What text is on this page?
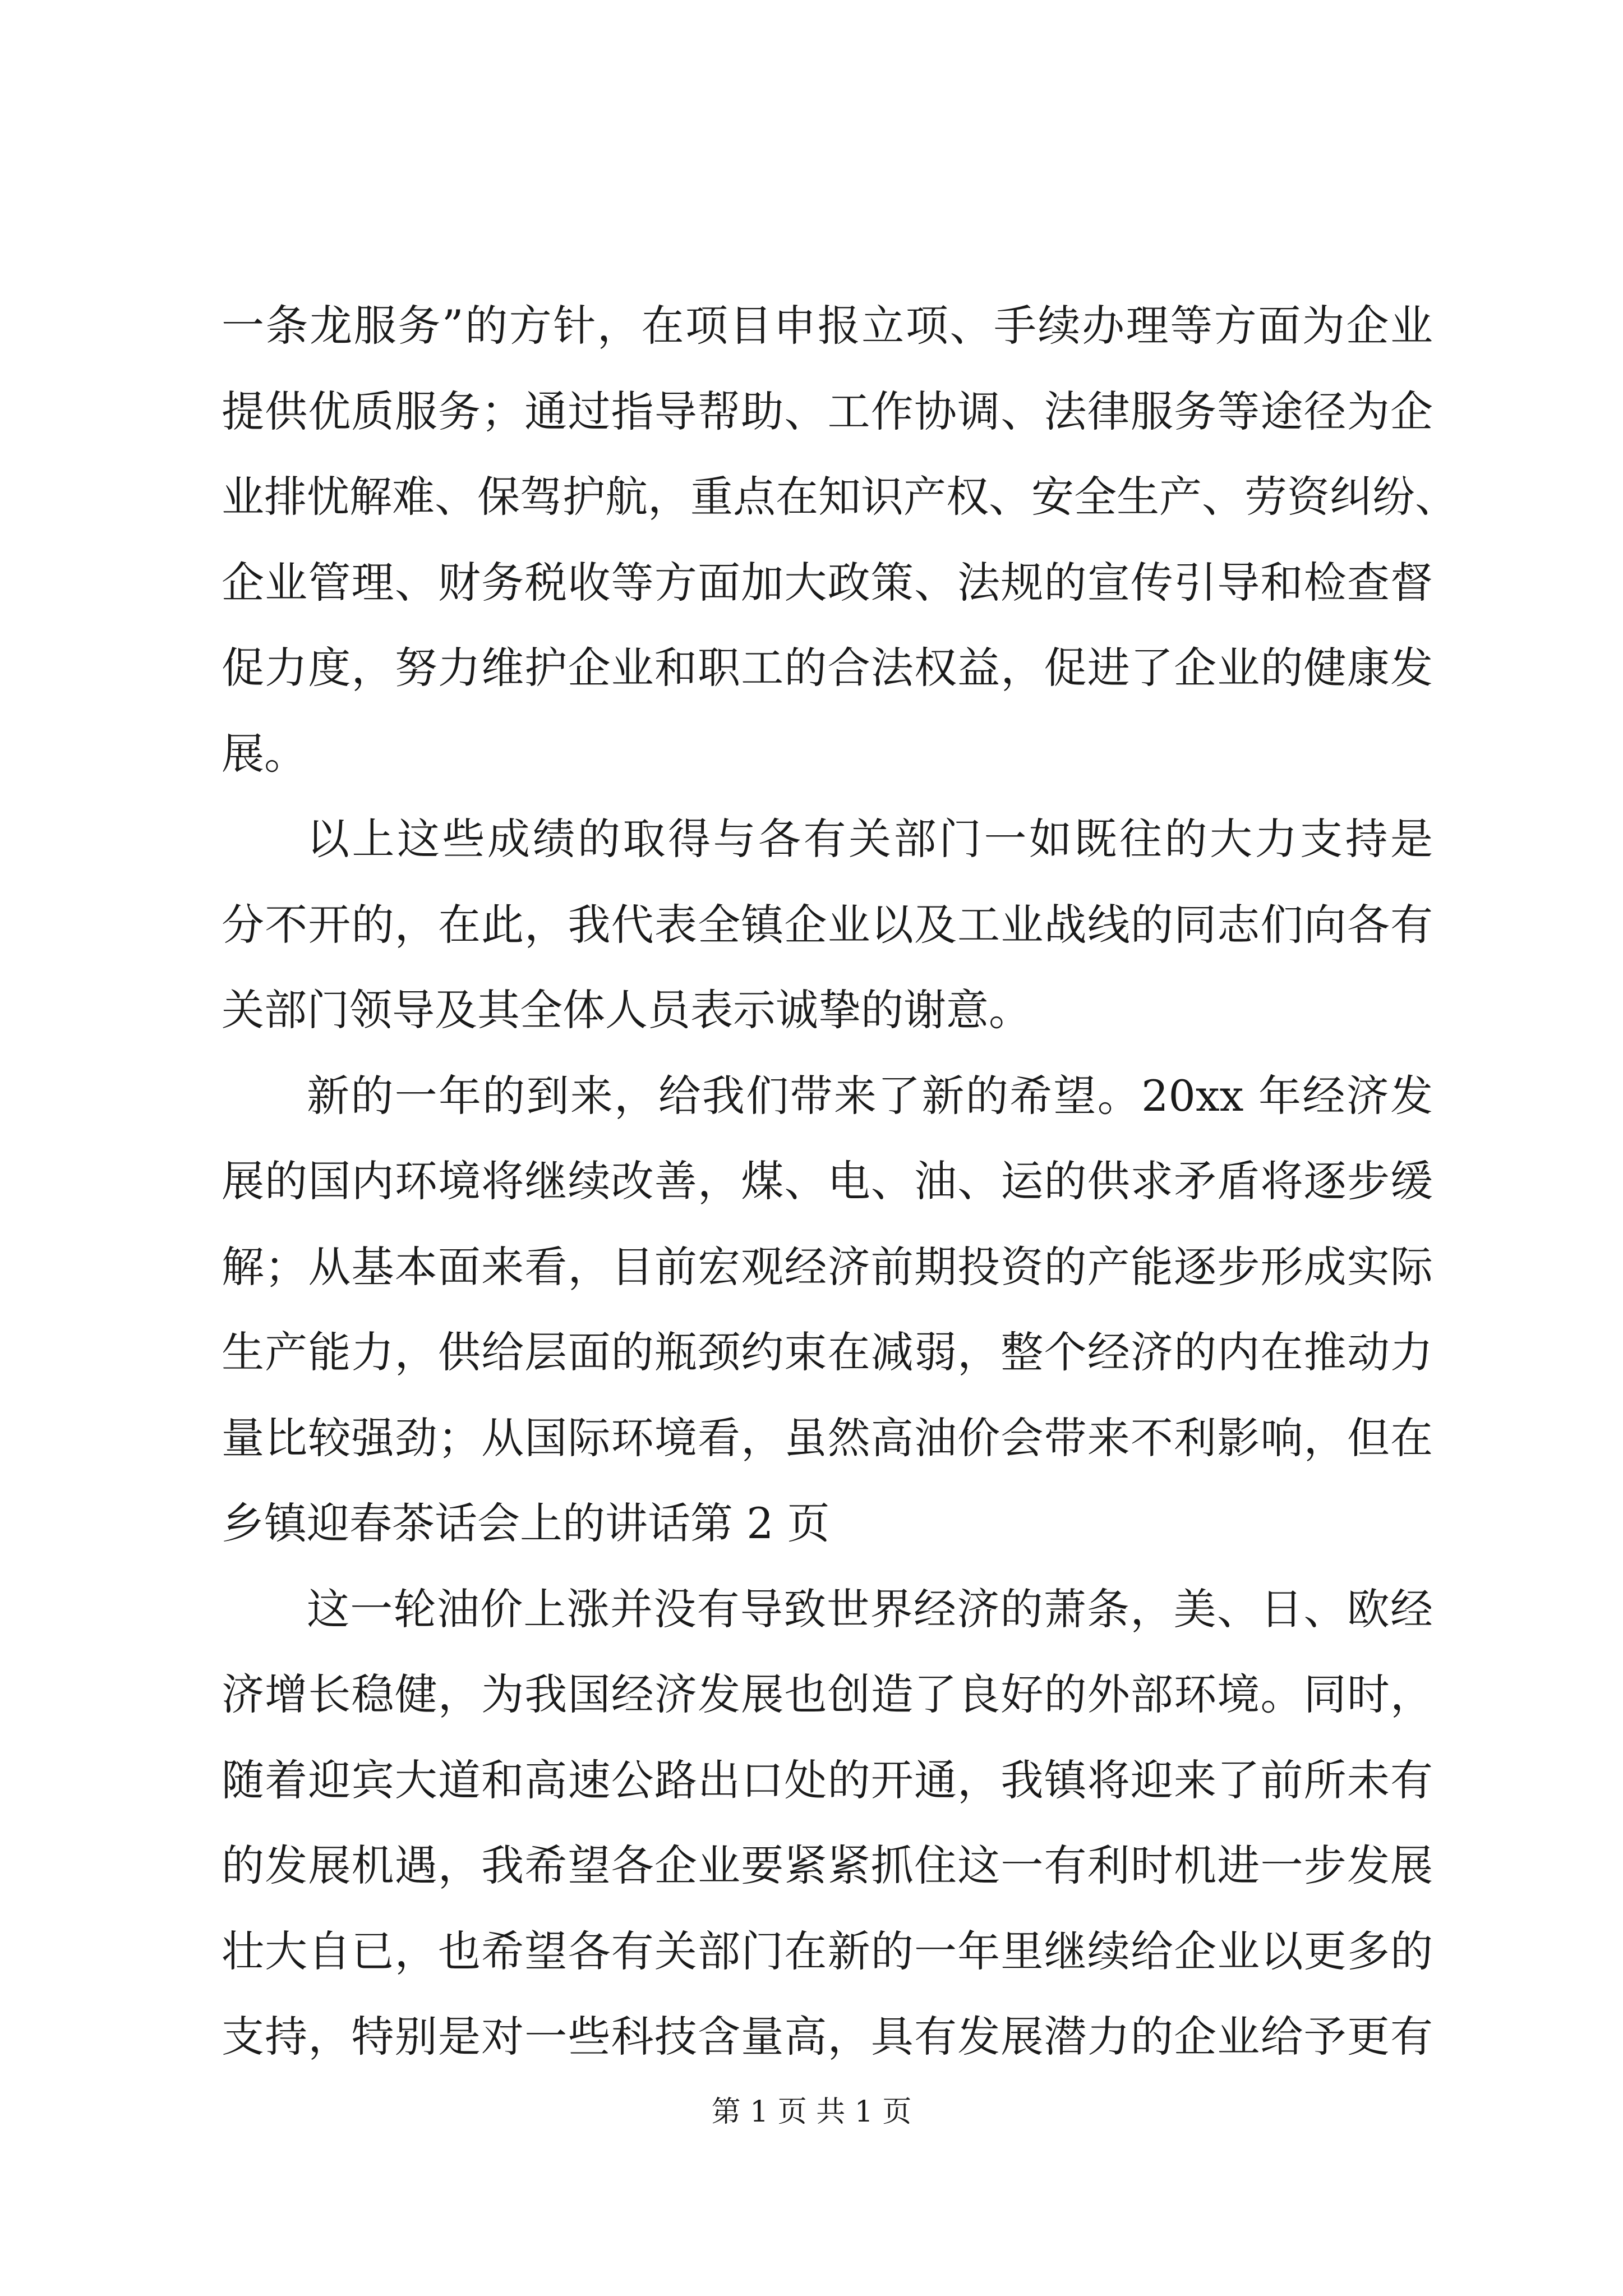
一条龙服务”的方针，在项目申报立项、手续办理等方面为企业
提供优质服务；通过指导帮助、工作协调、法律服务等途径为企
业排忧解难、保驾护航，重点在知识产权、安全生产、劳资纠纷、
企业管理、财务税收等方面加大政策、法规的宣传引导和检查督
促力度，努力维护企业和职工的合法权益，促进了企业的健康发
展。
以上这些成绩的取得与各有关部门一如既往的大力支持是
分不开的，在此，我代表全镇企业以及工业战线的同志们向各有
关部门领导及其全体人员表示诚挚的谢意。
新的一年的到来，给我们带来了新的希望。20xx 年经济发
展的国内环境将继续改善，煤、电、油、运的供求矛盾将逐步缓
解；从基本面来看，目前宏观经济前期投资的产能逐步形成实际
生产能力，供给层面的瓶颈约束在减弱，整个经济的内在推动力
量比较强劲；从国际环境看，虽然高油价会带来不利影响，但在
乡镇迎春茶话会上的讲话第 2 页
这一轮油价上涨并没有导致世界经济的萧条，美、日、欧经
济增长稳健，为我国经济发展也创造了良好的外部环境。同时，
随着迎宾大道和高速公路出口处的开通，我镇将迎来了前所未有
的发展机遇，我希望各企业要紧紧抓住这一有利时机进一步发展
壮大自已，也希望各有关部门在新的一年里继续给企业以更多的
支持，特别是对一些科技含量高，具有发展潜力的企业给予更有
第 1 页 共 1 页
